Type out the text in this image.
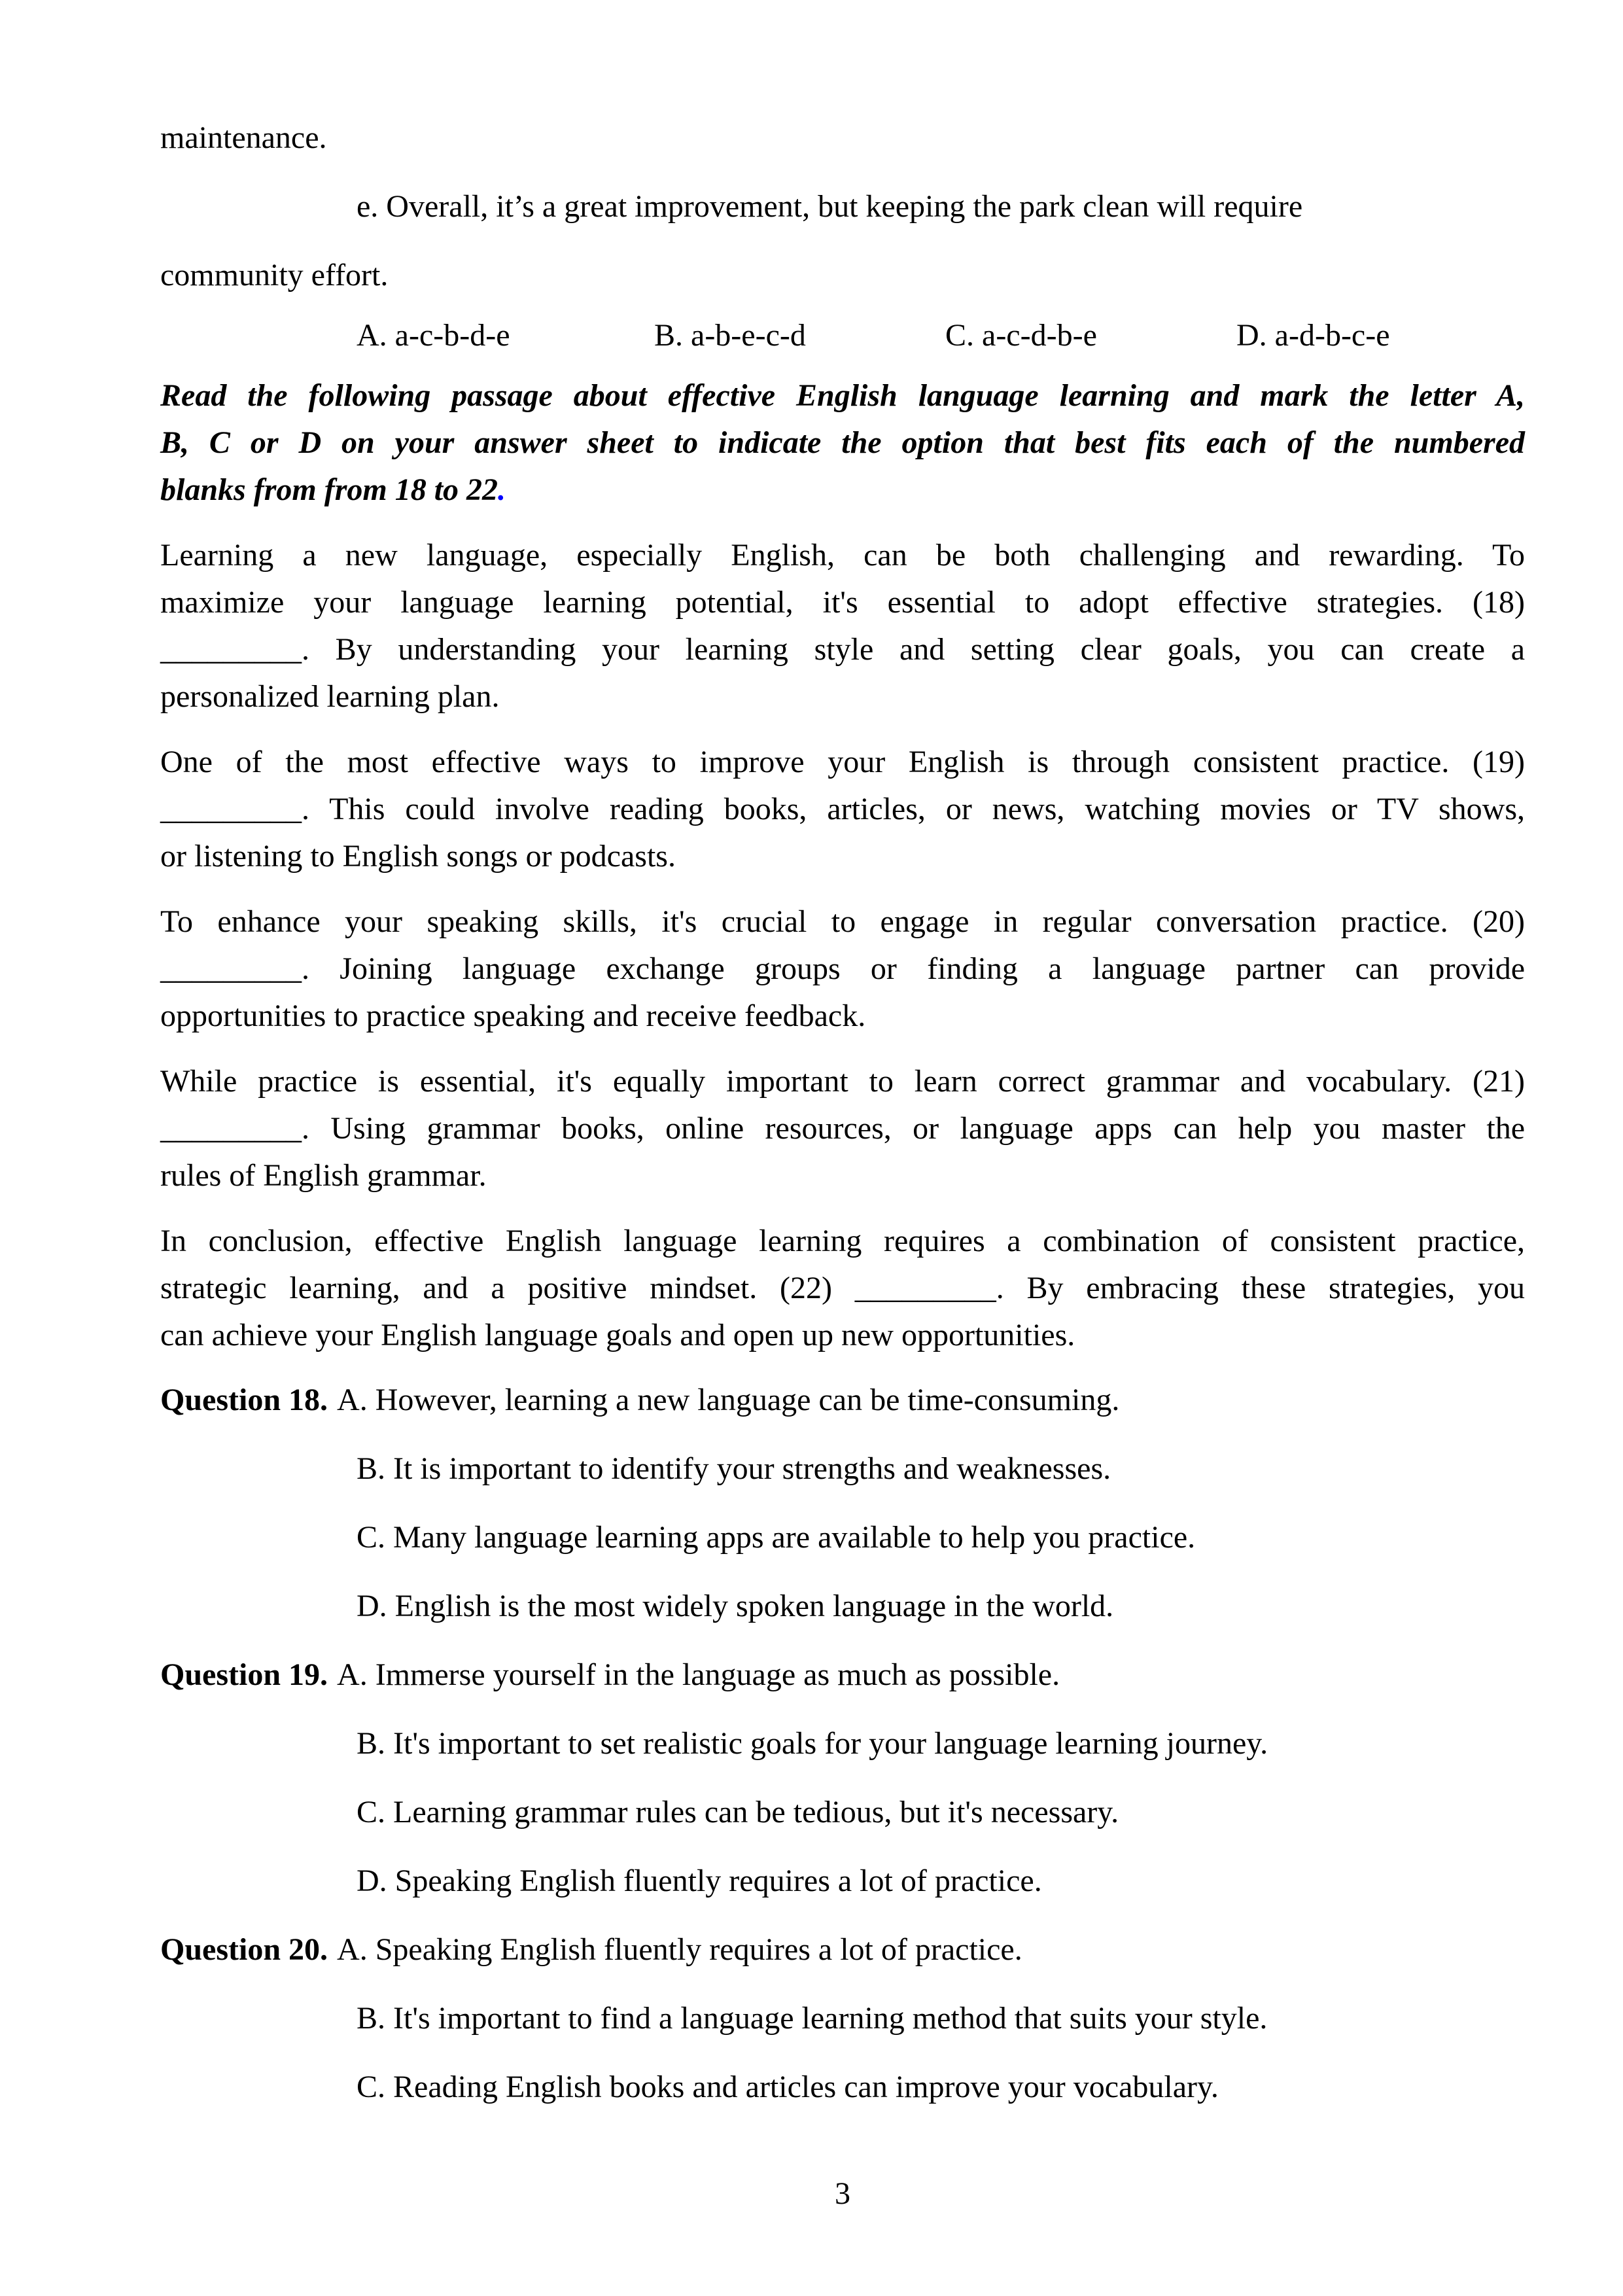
maintenance.
e. Overall, it’s a great improvement, but keeping the park clean will require
community effort.
A. a-c-b-d-e	B. a-b-e-c-d	C. a-c-d-b-e	D. a-d-b-c-e
Read the following passage about effective English language learning and mark the letter A,
B, C or D on your answer sheet to indicate the option that best fits each of the numbered
blanks from from 18 to 22.
Learning a new language, especially English, can be both challenging and rewarding. To
maximize your language learning potential, it's essential to adopt effective strategies. (18)
_________. By understanding your learning style and setting clear goals, you can create a
personalized learning plan.
One of the most effective ways to improve your English is through consistent practice. (19)
_________. This could involve reading books, articles, or news, watching movies or TV shows,
or listening to English songs or podcasts.
To enhance your speaking skills, it's crucial to engage in regular conversation practice. (20)
_________. Joining language exchange groups or finding a language partner can provide
opportunities to practice speaking and receive feedback.
While practice is essential, it's equally important to learn correct grammar and vocabulary. (21)
_________. Using grammar books, online resources, or language apps can help you master the
rules of English grammar.
In conclusion, effective English language learning requires a combination of consistent practice,
strategic learning, and a positive mindset. (22) _________. By embracing these strategies, you
can achieve your English language goals and open up new opportunities.
Question 18. A. However, learning a new language can be time-consuming.
B. It is important to identify your strengths and weaknesses.
C. Many language learning apps are available to help you practice.
D. English is the most widely spoken language in the world.
Question 19. A. Immerse yourself in the language as much as possible.
B. It's important to set realistic goals for your language learning journey.
C. Learning grammar rules can be tedious, but it's necessary.
D. Speaking English fluently requires a lot of practice.
Question 20. A. Speaking English fluently requires a lot of practice.
B. It's important to find a language learning method that suits your style.
C. Reading English books and articles can improve your vocabulary.
3
